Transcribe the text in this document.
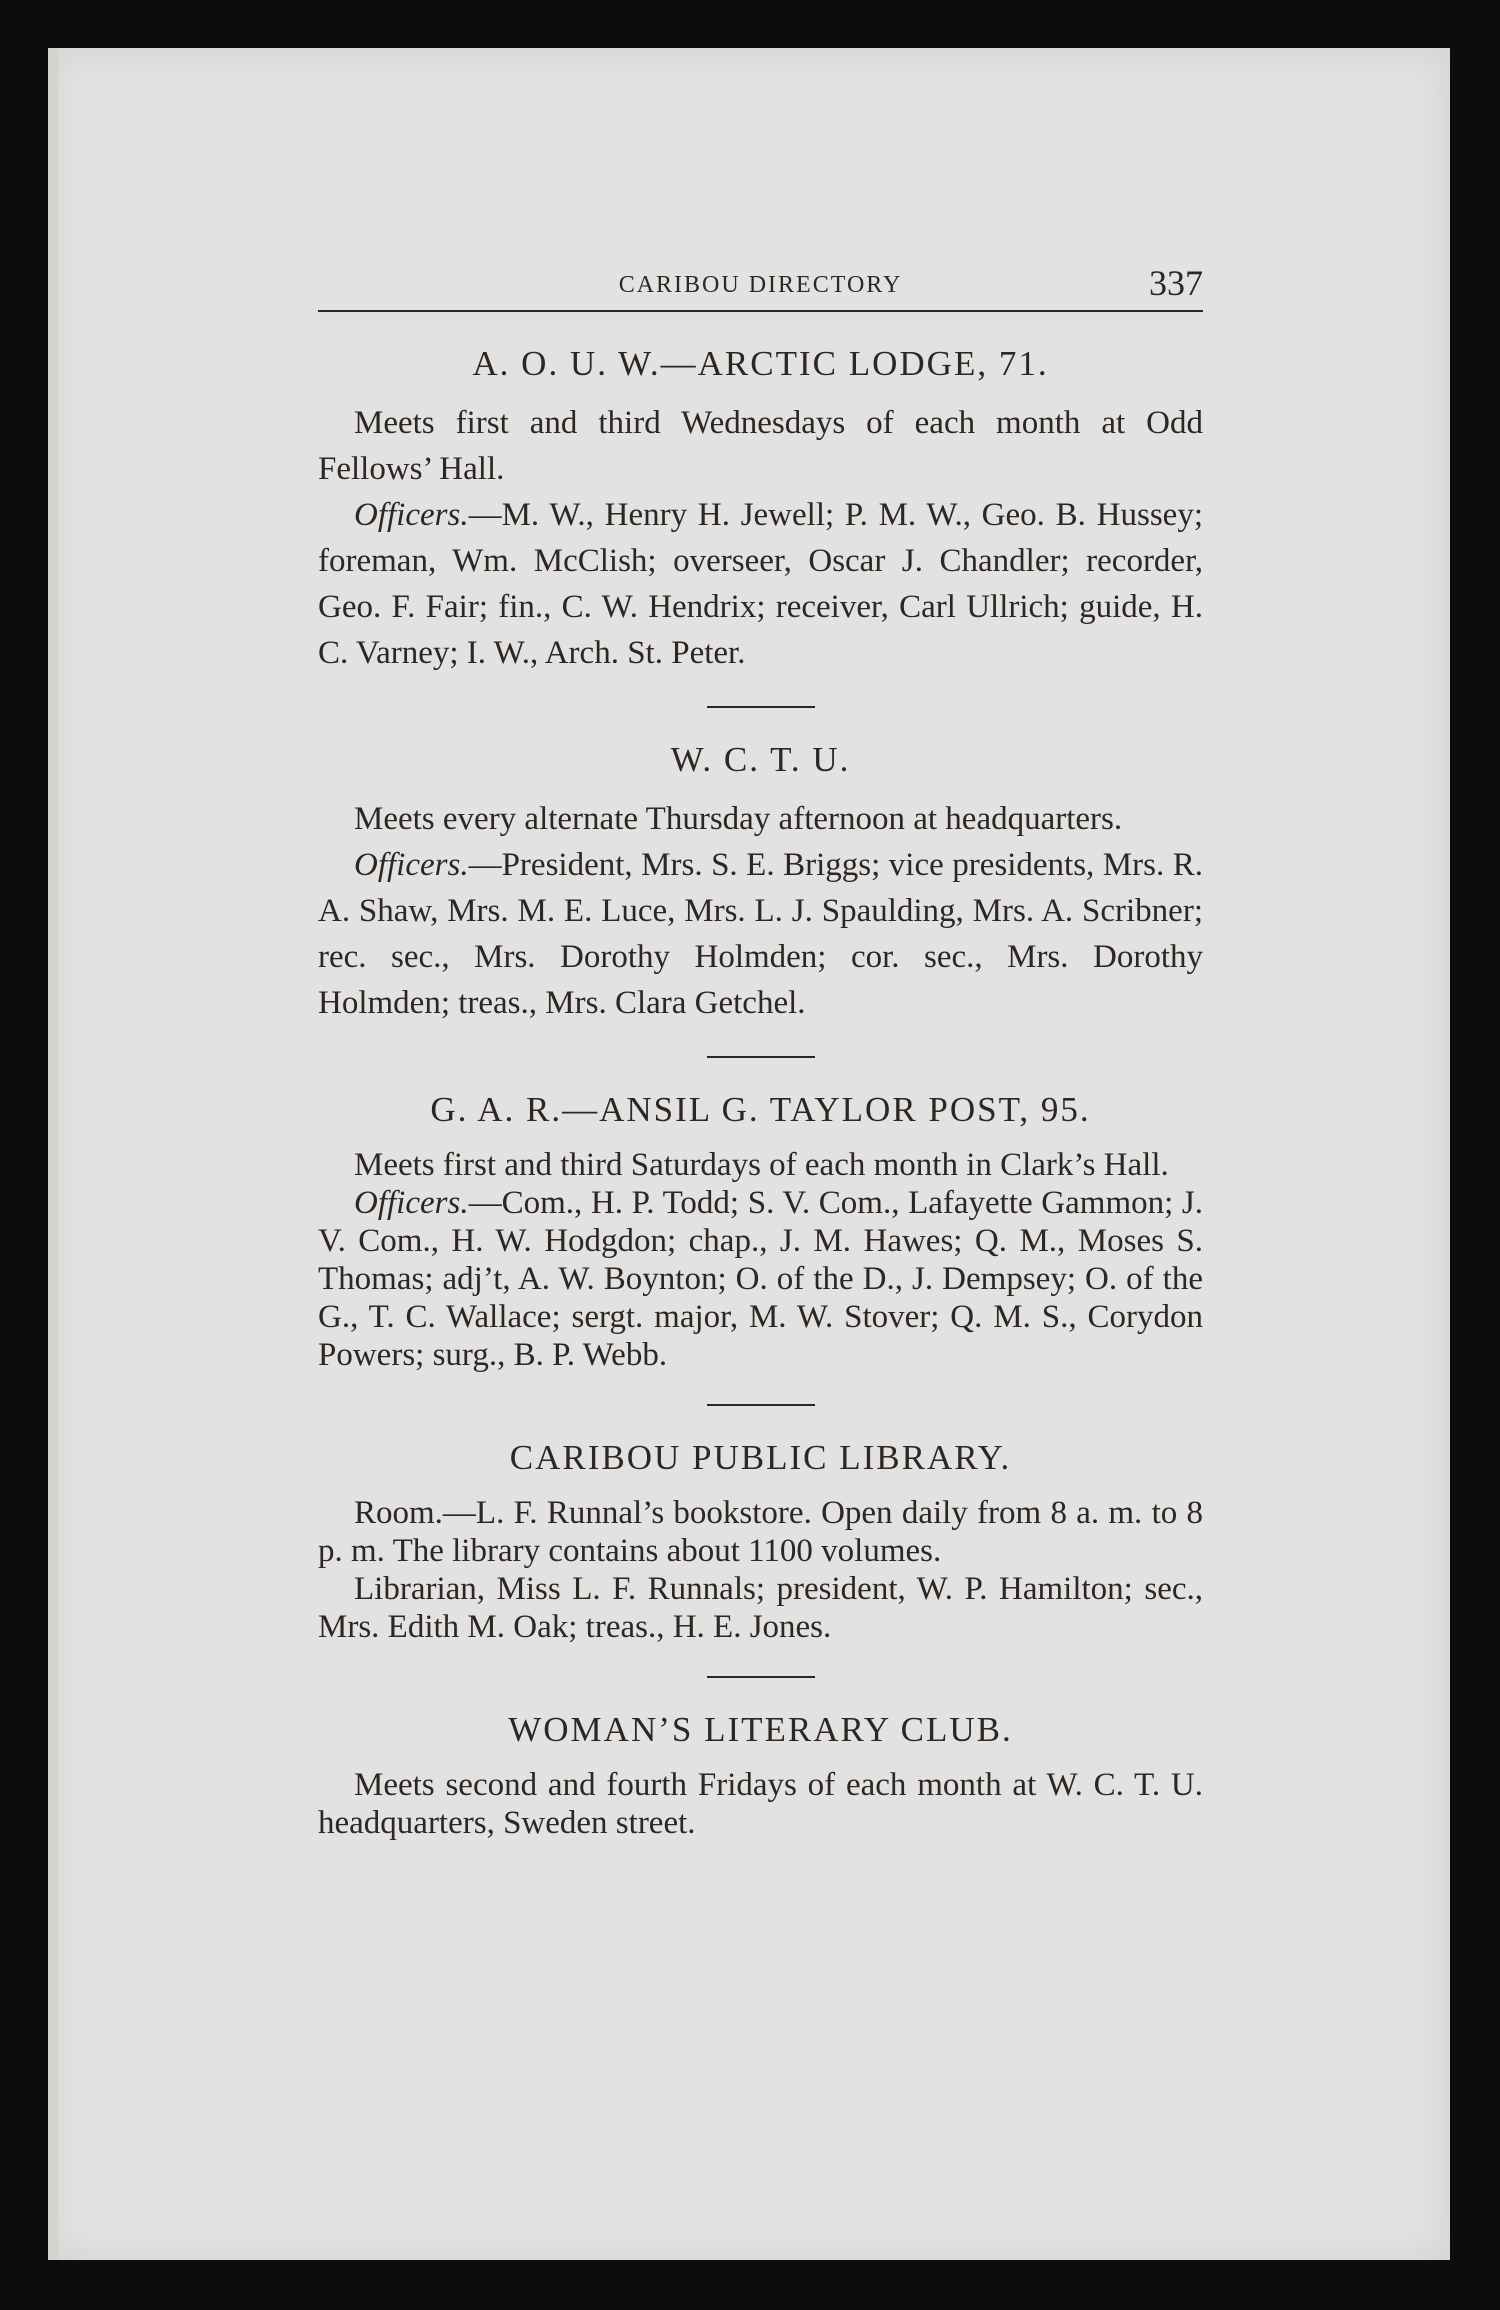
CARIBOU DIRECTORY	337
A. O. U. W.—ARCTIC LODGE, 71.

Meets first and third Wednesdays of each month at Odd Fellows’ Hall.

Officers.—M. W., Henry H. Jewell; P. M. W., Geo. B. Hussey; foreman, Wm. McClish; overseer, Oscar J. Chandler; recorder, Geo. F. Fair; fin., C. W. Hendrix; receiver, Carl Ullrich; guide, H. C. Varney; I. W., Arch. St. Peter.

W. C. T. U.

Meets every alternate Thursday afternoon at headquarters.

Officers.—President, Mrs. S. E. Briggs; vice presidents, Mrs. R. A. Shaw, Mrs. M. E. Luce, Mrs. L. J. Spaulding, Mrs. A. Scribner; rec. sec., Mrs. Dorothy Holmden; cor. sec., Mrs. Dorothy Holmden; treas., Mrs. Clara Getchel.

G. A. R.—ANSIL G. TAYLOR POST, 95.

Meets first and third Saturdays of each month in Clark’s Hall.

Officers.—Com., H. P. Todd; S. V. Com., Lafayette Gammon; J. V. Com., H. W. Hodgdon; chap., J. M. Hawes; Q. M., Moses S. Thomas; adj’t, A. W. Boynton; O. of the D., J. Dempsey; O. of the G., T. C. Wallace; sergt. major, M. W. Stover; Q. M. S., Corydon Powers; surg., B. P. Webb.

CARIBOU PUBLIC LIBRARY.

Room.—L. F. Runnal’s bookstore. Open daily from 8 a. m. to 8 p. m. The library contains about 1100 volumes.

Librarian, Miss L. F. Runnals; president, W. P. Hamilton; sec., Mrs. Edith M. Oak; treas., H. E. Jones.

WOMAN’S LITERARY CLUB.

Meets second and fourth Fridays of each month at W. C. T. U. headquarters, Sweden street.
